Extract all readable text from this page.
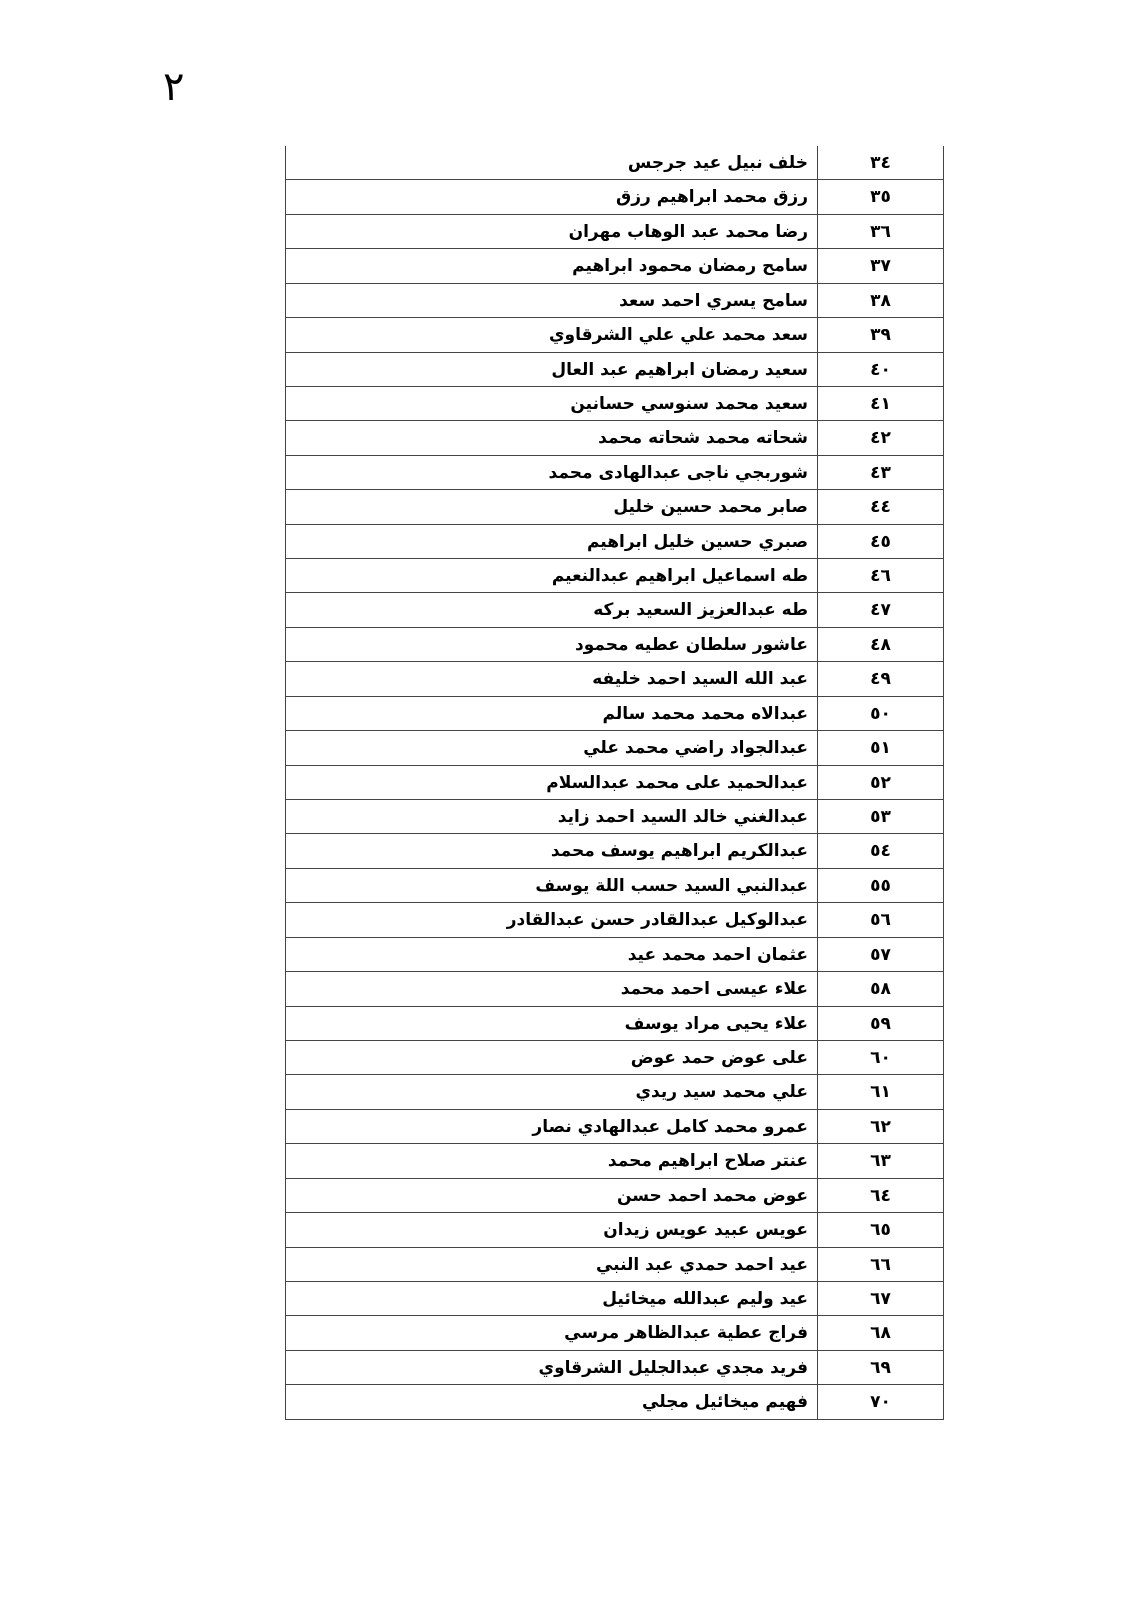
٢
٣٤
خلف نبيل عيد جرجس
٣٥
رزق محمد ابراهيم رزق
٣٦
رضا محمد عبد الوهاب مهران
٣٧
سامح رمضان محمود ابراهيم
٣٨
سامح يسري احمد سعد
٣٩
سعد محمد علي علي الشرقاوي
٤٠
سعيد رمضان ابراهيم عبد العال
٤١
سعيد محمد سنوسي حسانين
٤٢
شحاته محمد شحاته محمد
٤٣
شوربجي ناجى عبدالهادى محمد
٤٤
صابر محمد حسين خليل
٤٥
صبري حسين خليل ابراهيم
٤٦
طه اسماعيل ابراهيم عبدالنعيم
٤٧
طه عبدالعزيز السعيد بركه
٤٨
عاشور سلطان عطيه محمود
٤٩
عبد الله السيد احمد خليفه
٥٠
عبدالاه محمد محمد سالم
٥١
عبدالجواد راضي محمد علي
٥٢
عبدالحميد على محمد عبدالسلام
٥٣
عبدالغني خالد السيد احمد زايد
٥٤
عبدالكريم ابراهيم يوسف محمد
٥٥
عبدالنبي السيد حسب اللة يوسف
٥٦
عبدالوكيل عبدالقادر حسن عبدالقادر
٥٧
عثمان احمد محمد عيد
٥٨
علاء عيسى احمد محمد
٥٩
علاء يحيى مراد يوسف
٦٠
على عوض حمد عوض
٦١
علي محمد سيد ريدي
٦٢
عمرو محمد كامل عبدالهادي نصار
٦٣
عنتر صلاح ابراهيم محمد
٦٤
عوض محمد احمد حسن
٦٥
عويس عبيد عويس زيدان
٦٦
عيد احمد حمدي عبد النبي
٦٧
عيد وليم عبدالله ميخائيل
٦٨
فراج عطية عبدالظاهر مرسي
٦٩
فريد مجدي عبدالجليل الشرقاوي
٧٠
فهيم ميخائيل مجلي
